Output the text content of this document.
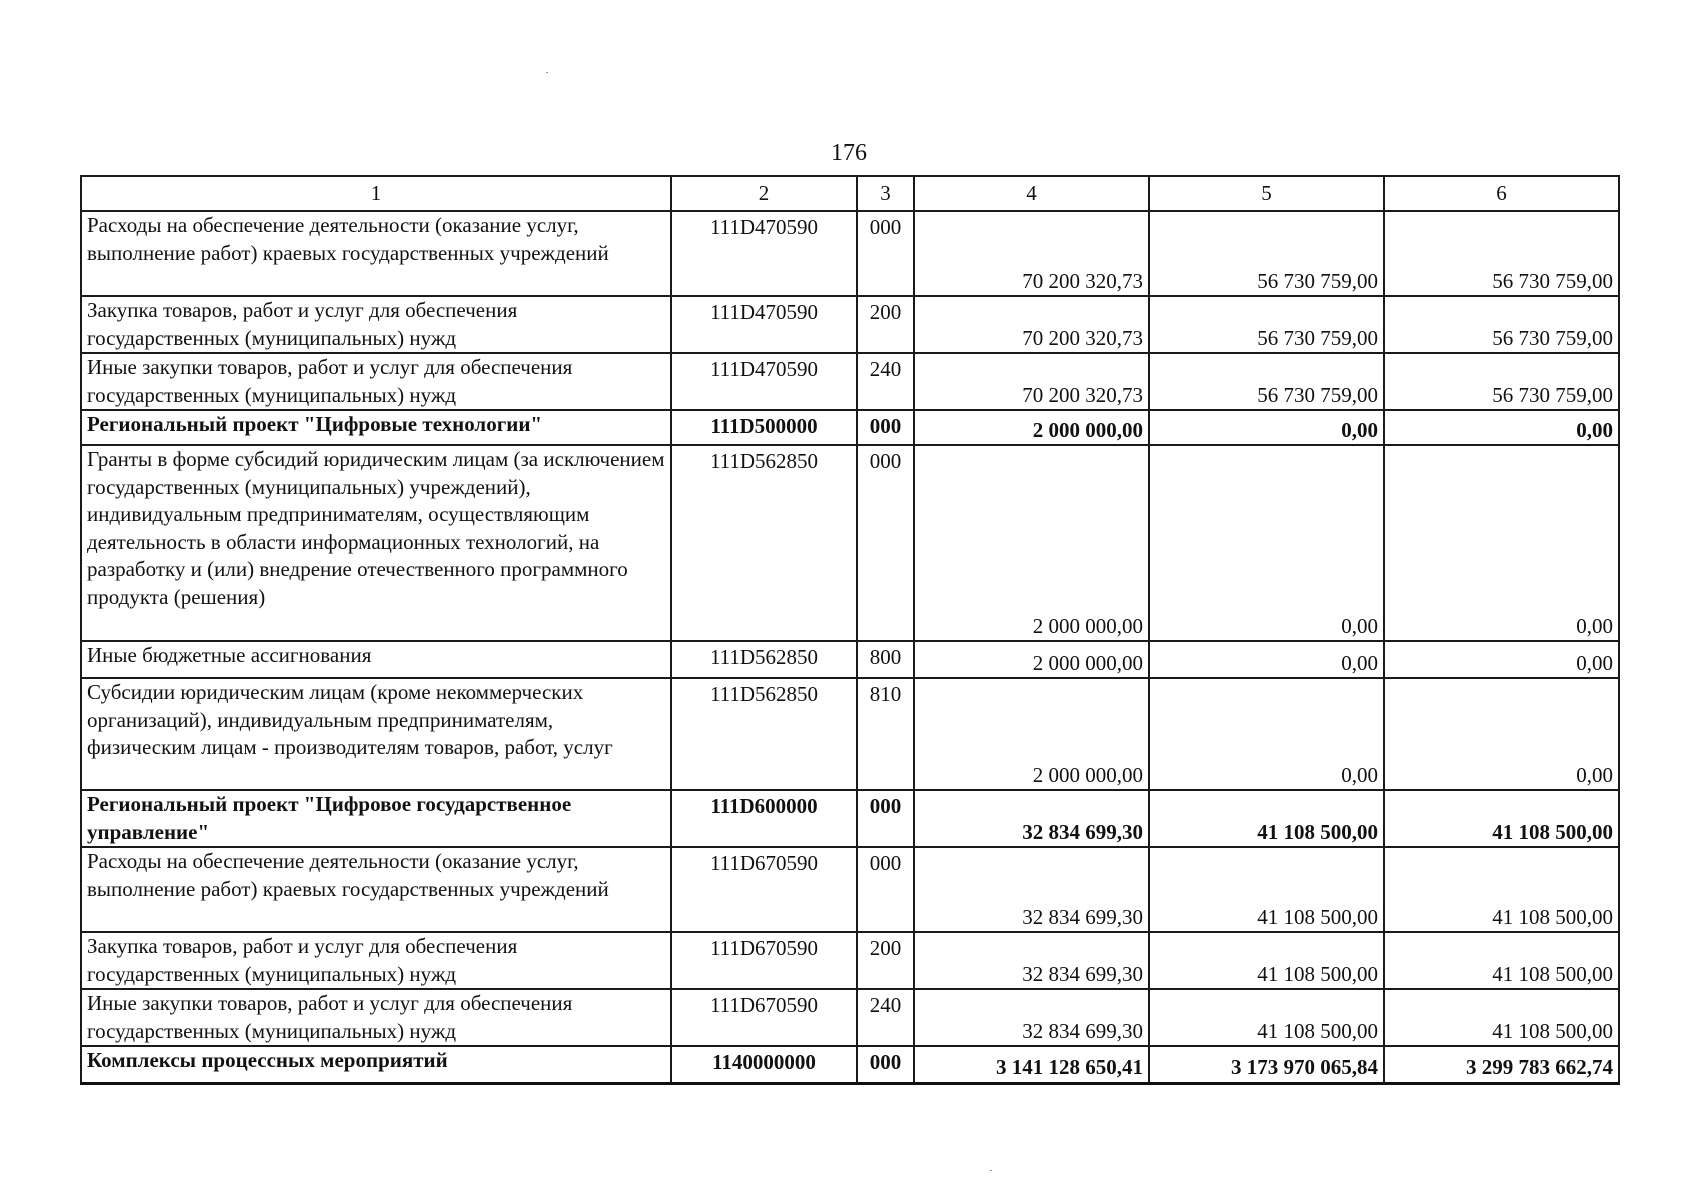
176
1	2	3	4	5	6
Расходы на обеспечение деятельности (оказание услуг, выполнение работ) краевых государственных учреждений	111D470590	000	70 200 320,73	56 730 759,00	56 730 759,00
Закупка товаров, работ и услуг для обеспечения государственных (муниципальных) нужд	111D470590	200	70 200 320,73	56 730 759,00	56 730 759,00
Иные закупки товаров, работ и услуг для обеспечения государственных (муниципальных) нужд	111D470590	240	70 200 320,73	56 730 759,00	56 730 759,00
Региональный проект "Цифровые технологии"	111D500000	000	2 000 000,00	0,00	0,00
Гранты в форме субсидий юридическим лицам (за исключением государственных (муниципальных) учреждений), индивидуальным предпринимателям, осуществляющим деятельность в области информационных технологий, на разработку и (или) внедрение отечественного программного продукта (решения)	111D562850	000	2 000 000,00	0,00	0,00
Иные бюджетные ассигнования	111D562850	800	2 000 000,00	0,00	0,00
Субсидии юридическим лицам (кроме некоммерческих организаций), индивидуальным предпринимателям, физическим лицам - производителям товаров, работ, услуг	111D562850	810	2 000 000,00	0,00	0,00
Региональный проект "Цифровое государственное управление"	111D600000	000	32 834 699,30	41 108 500,00	41 108 500,00
Расходы на обеспечение деятельности (оказание услуг, выполнение работ) краевых государственных учреждений	111D670590	000	32 834 699,30	41 108 500,00	41 108 500,00
Закупка товаров, работ и услуг для обеспечения государственных (муниципальных) нужд	111D670590	200	32 834 699,30	41 108 500,00	41 108 500,00
Иные закупки товаров, работ и услуг для обеспечения государственных (муниципальных) нужд	111D670590	240	32 834 699,30	41 108 500,00	41 108 500,00
Комплексы процессных мероприятий	1140000000	000	3 141 128 650,41	3 173 970 065,84	3 299 783 662,74
